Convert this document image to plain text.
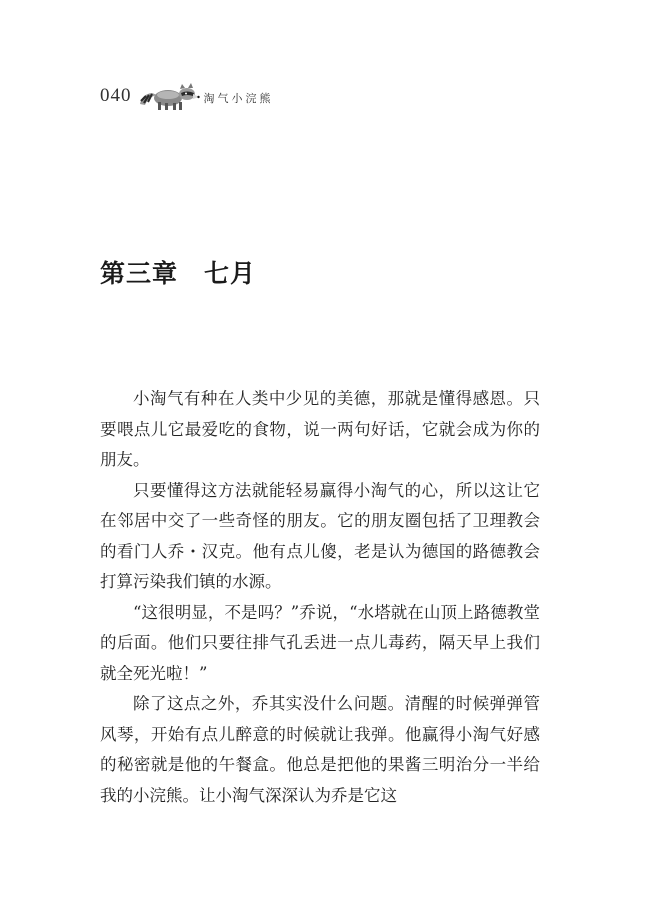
040	淘气小浣熊
第三章　七月

小淘气有种在人类中少见的美德，那就是懂得感恩。只要喂点儿它最爱吃的食物，说一两句好话，它就会成为你的朋友。

只要懂得这方法就能轻易赢得小淘气的心，所以这让它在邻居中交了一些奇怪的朋友。它的朋友圈包括了卫理教会的看门人乔・汉克。他有点儿傻，老是认为德国的路德教会打算污染我们镇的水源。

“这很明显，不是吗？”乔说，“水塔就在山顶上路德教堂的后面。他们只要往排气孔丢进一点儿毒药，隔天早上我们就全死光啦！”

除了这点之外，乔其实没什么问题。清醒的时候弹弹管风琴，开始有点儿醉意的时候就让我弹。他赢得小淘气好感的秘密就是他的午餐盒。他总是把他的果酱三明治分一半给我的小浣熊。让小淘气深深认为乔是它这
